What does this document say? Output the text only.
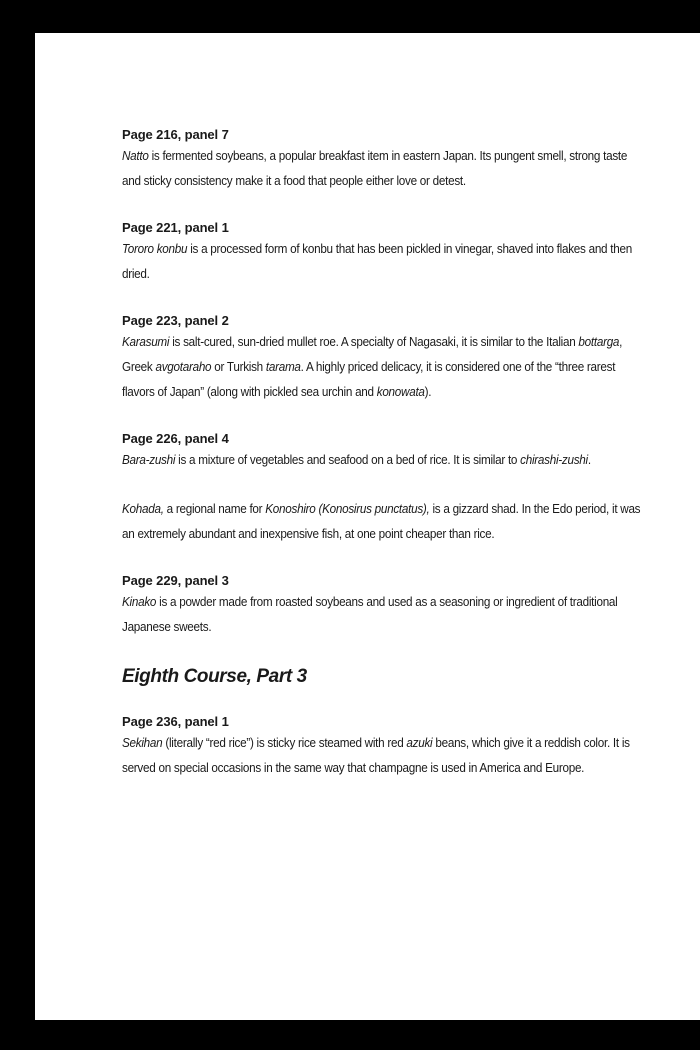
Page 216, panel 7

Natto is fermented soybeans, a popular breakfast item in eastern Japan. Its pungent smell, strong taste and sticky consistency make it a food that people either love or detest.

Page 221, panel 1

Tororo konbu is a processed form of konbu that has been pickled in vinegar, shaved into flakes and then dried.

Page 223, panel 2

Karasumi is salt-cured, sun-dried mullet roe. A specialty of Nagasaki, it is similar to the Italian bottarga, Greek avgotaraho or Turkish tarama. A highly priced delicacy, it is considered one of the “three rarest flavors of Japan” (along with pickled sea urchin and konowata).

Page 226, panel 4

Bara-zushi is a mixture of vegetables and seafood on a bed of rice. It is similar to chirashi-zushi.

Kohada, a regional name for Konoshiro (Konosirus punctatus), is a gizzard shad. In the Edo period, it was an extremely abundant and inexpensive fish, at one point cheaper than rice.

Page 229, panel 3

Kinako is a powder made from roasted soybeans and used as a seasoning or ingredient of traditional Japanese sweets.

Eighth Course, Part 3

Page 236, panel 1

Sekihan (literally “red rice”) is sticky rice steamed with red azuki beans, which give it a reddish color. It is served on special occasions in the same way that champagne is used in America and Europe.
